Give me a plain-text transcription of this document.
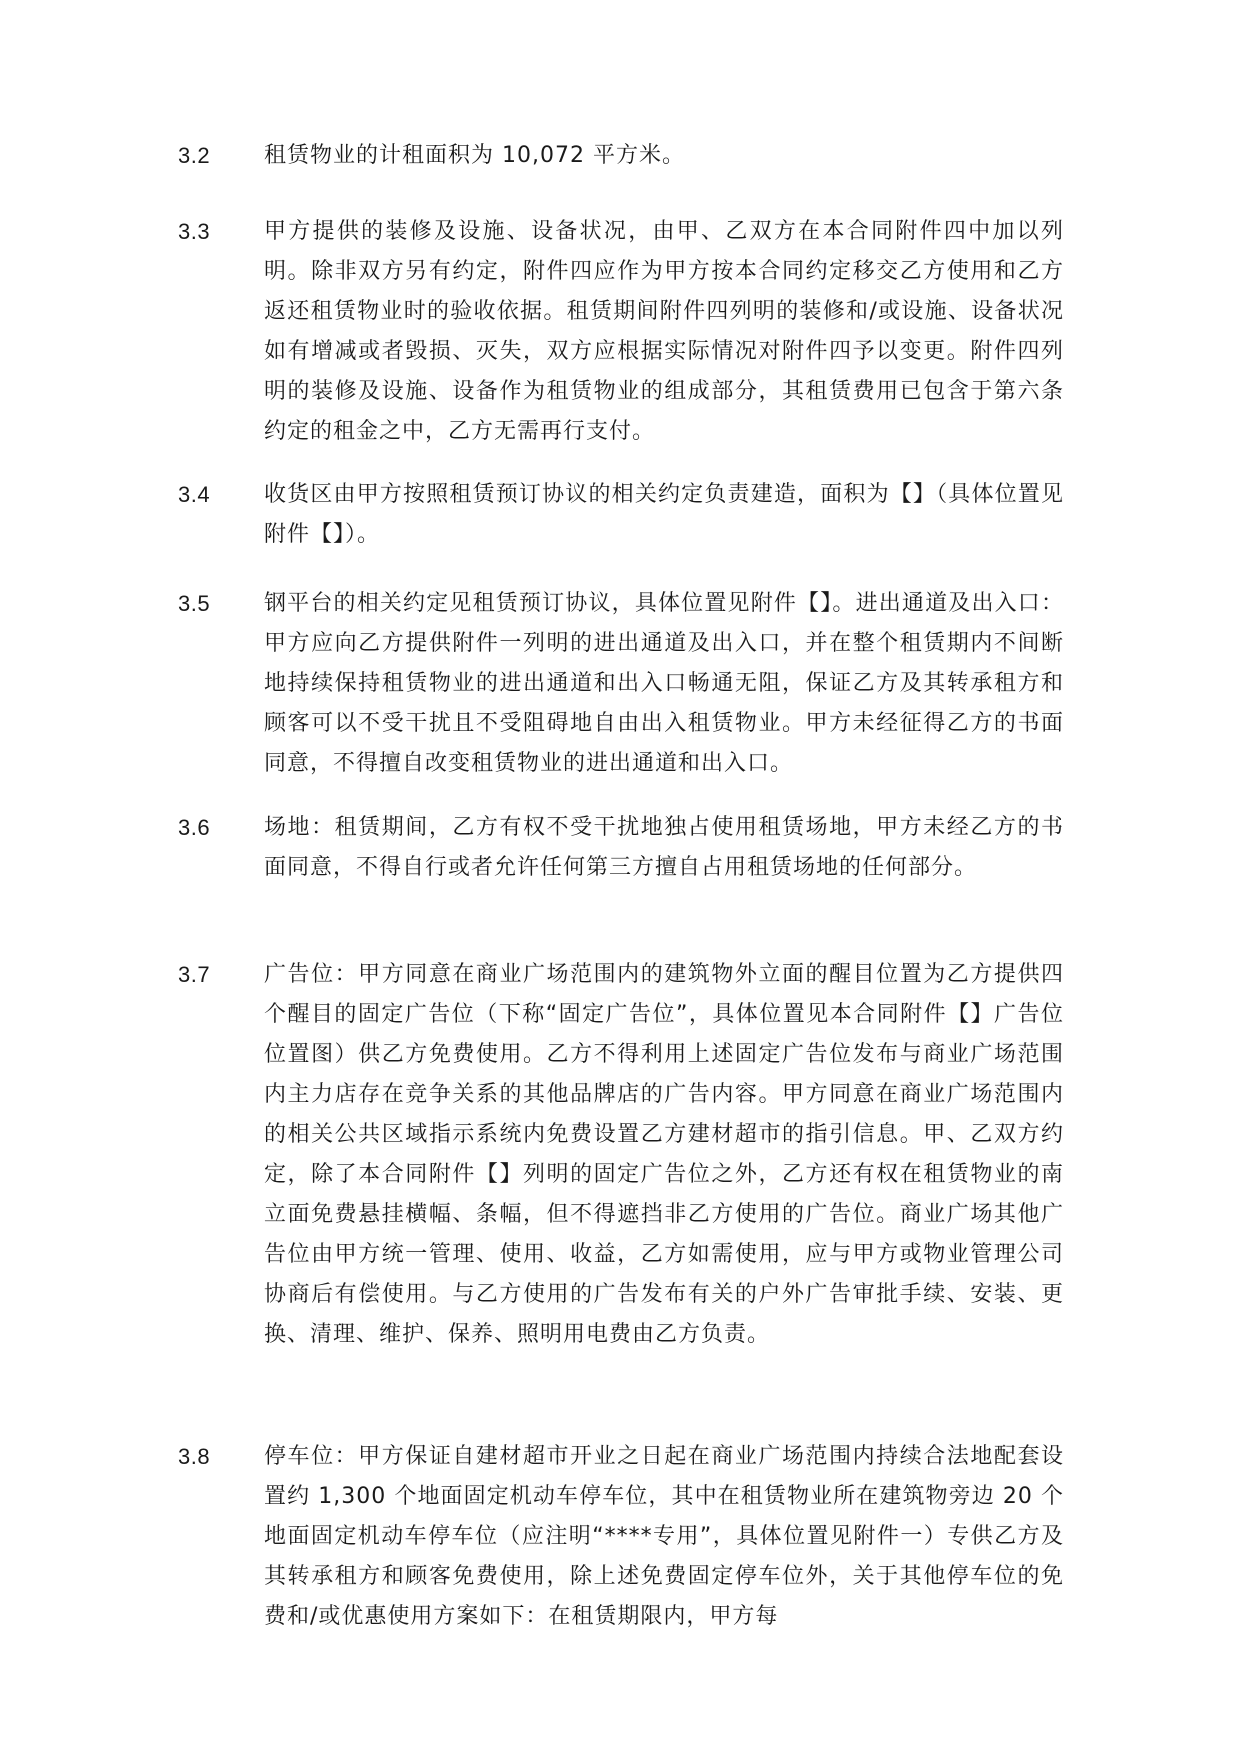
3.2 租赁物业的计租面积为 10,072 平方米。

3.3 甲方提供的装修及设施、设备状况，由甲、乙双方在本合同附件四中加以列明。除非双方另有约定，附件四应作为甲方按本合同约定移交乙方使用和乙方返还租赁物业时的验收依据。租赁期间附件四列明的装修和/或设施、设备状况如有增减或者毁损、灭失，双方应根据实际情况对附件四予以变更。附件四列明的装修及设施、设备作为租赁物业的组成部分，其租赁费用已包含于第六条约定的租金之中，乙方无需再行支付。

3.4 收货区由甲方按照租赁预订协议的相关约定负责建造，面积为【】（具体位置见附件【】）。

3.5 钢平台的相关约定见租赁预订协议，具体位置见附件【】。进出通道及出入口：甲方应向乙方提供附件一列明的进出通道及出入口，并在整个租赁期内不间断地持续保持租赁物业的进出通道和出入口畅通无阻，保证乙方及其转承租方和顾客可以不受干扰且不受阻碍地自由出入租赁物业。甲方未经征得乙方的书面同意，不得擅自改变租赁物业的进出通道和出入口。

3.6 场地：租赁期间，乙方有权不受干扰地独占使用租赁场地，甲方未经乙方的书面同意，不得自行或者允许任何第三方擅自占用租赁场地的任何部分。

3.7 广告位：甲方同意在商业广场范围内的建筑物外立面的醒目位置为乙方提供四个醒目的固定广告位（下称“固定广告位”，具体位置见本合同附件【】广告位位置图）供乙方免费使用。乙方不得利用上述固定广告位发布与商业广场范围内主力店存在竞争关系的其他品牌店的广告内容。甲方同意在商业广场范围内的相关公共区域指示系统内免费设置乙方建材超市的指引信息。甲、乙双方约定，除了本合同附件【】列明的固定广告位之外，乙方还有权在租赁物业的南立面免费悬挂横幅、条幅，但不得遮挡非乙方使用的广告位。商业广场其他广告位由甲方统一管理、使用、收益，乙方如需使用，应与甲方或物业管理公司协商后有偿使用。与乙方使用的广告发布有关的户外广告审批手续、安装、更换、清理、维护、保养、照明用电费由乙方负责。

3.8 停车位：甲方保证自建材超市开业之日起在商业广场范围内持续合法地配套设置约 1,300 个地面固定机动车停车位，其中在租赁物业所在建筑物旁边 20 个地面固定机动车停车位（应注明“****专用”，具体位置见附件一）专供乙方及其转承租方和顾客免费使用，除上述免费固定停车位外，关于其他停车位的免费和/或优惠使用方案如下：在租赁期限内，甲方每
